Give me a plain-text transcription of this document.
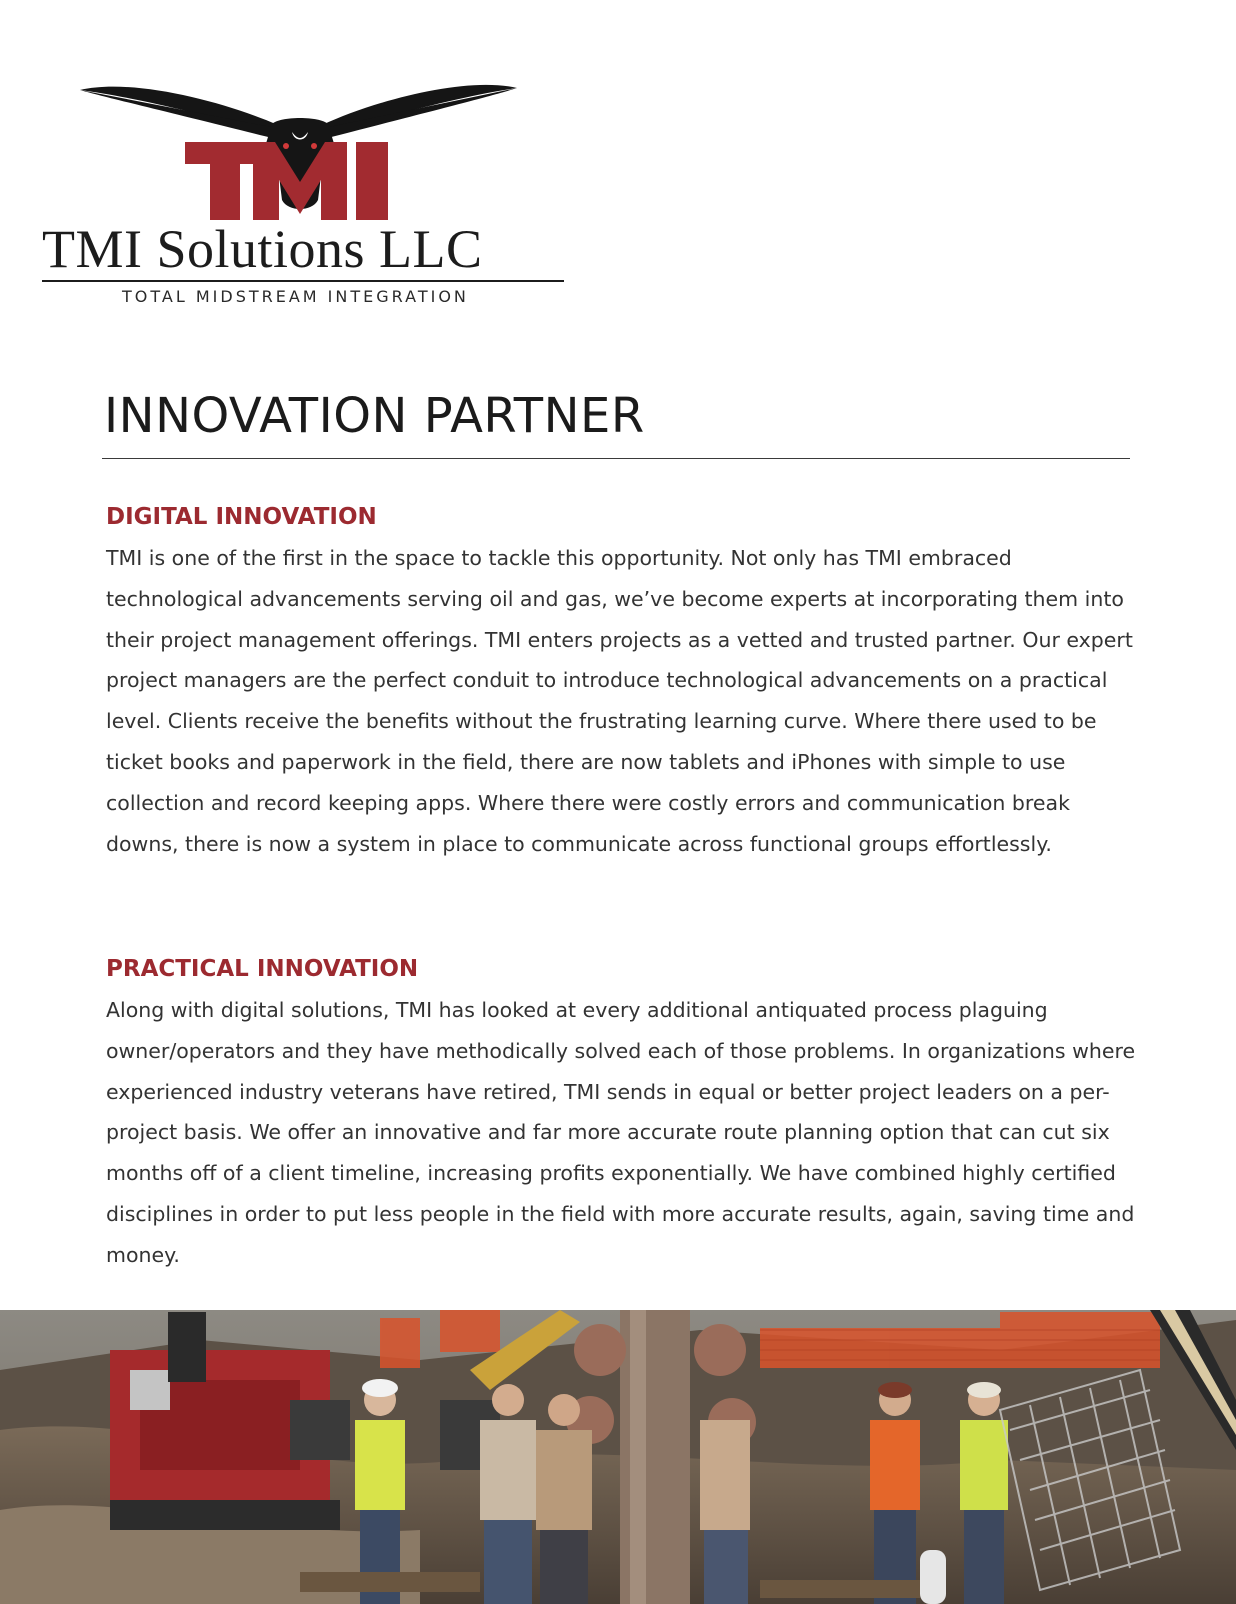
TMI Solutions LLC
TOTAL MIDSTREAM INTEGRATION
INNOVATION PARTNER
DIGITAL INNOVATION

TMI is one of the first in the space to tackle this opportunity. Not only has TMI embraced technological advancements serving oil and gas, we’ve become experts at incorporating them into their project management offerings. TMI enters projects as a vetted and trusted partner. Our expert project managers are the perfect conduit to introduce technological advancements on a practical level. Clients receive the benefits without the frustrating learning curve. Where there used to be ticket books and paperwork in the field, there are now tablets and iPhones with simple to use collection and record keeping apps. Where there were costly errors and communication break downs, there is now a system in place to communicate across functional groups effortlessly.

PRACTICAL INNOVATION

Along with digital solutions, TMI has looked at every additional antiquated process plaguing owner/operators and they have methodically solved each of those problems. In organizations where experienced industry veterans have retired, TMI sends in equal or better project leaders on a per-project basis. We offer an innovative and far more accurate route planning option that can cut six months off of a client timeline, increasing profits exponentially. We have combined highly certified disciplines in order to put less people in the field with more accurate results, again, saving time and money.
